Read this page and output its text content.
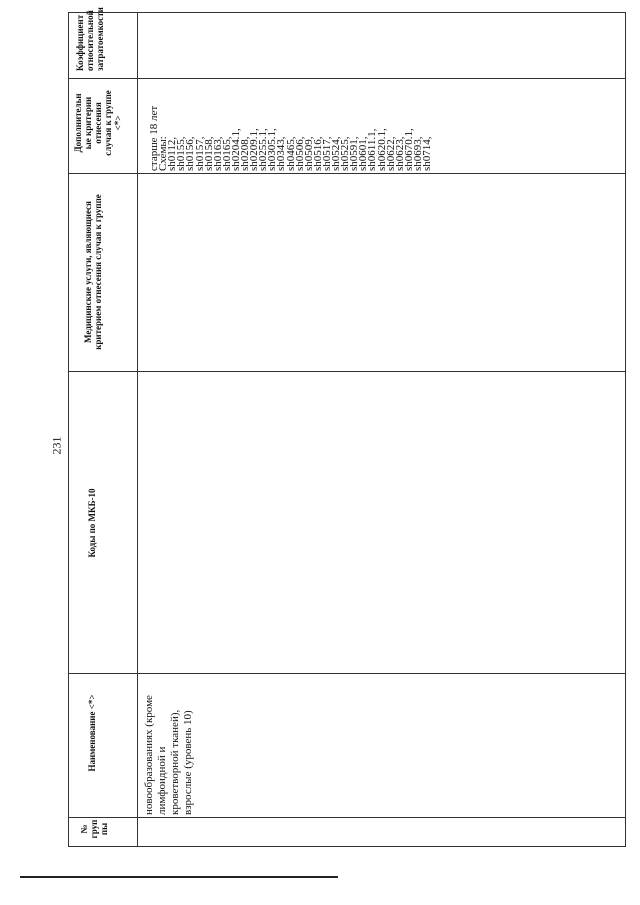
231
Коэффициент относительной затратоемкости
Дополнительн ые критерии отнесения случая к группе <*>
Медицинские услуги, являющиеся критерием отнесения случая к группе
Коды по МКБ-10
Наименование <*>
№ груп пы
старше 18 лет
новообразованиях (кроме лимфоидной и кроветворной тканей), взрослые (уровень 10)
Схемы:
sh0112,
sh0155,
sh0156,
sh0157,
sh0158,
sh0163,
sh0165,
sh0204.1,
sh0208,
sh0209.1,
sh0255.1,
sh0305.1,
sh0343,
sh0465,
sh0506,
sh0509,
sh0516,
sh0517,
sh0524,
sh0525,
sh0591,
sh0601,
sh0611.1,
sh0620.1,
sh0622,
sh0623,
sh0670.1,
sh0693,
sh0714,
